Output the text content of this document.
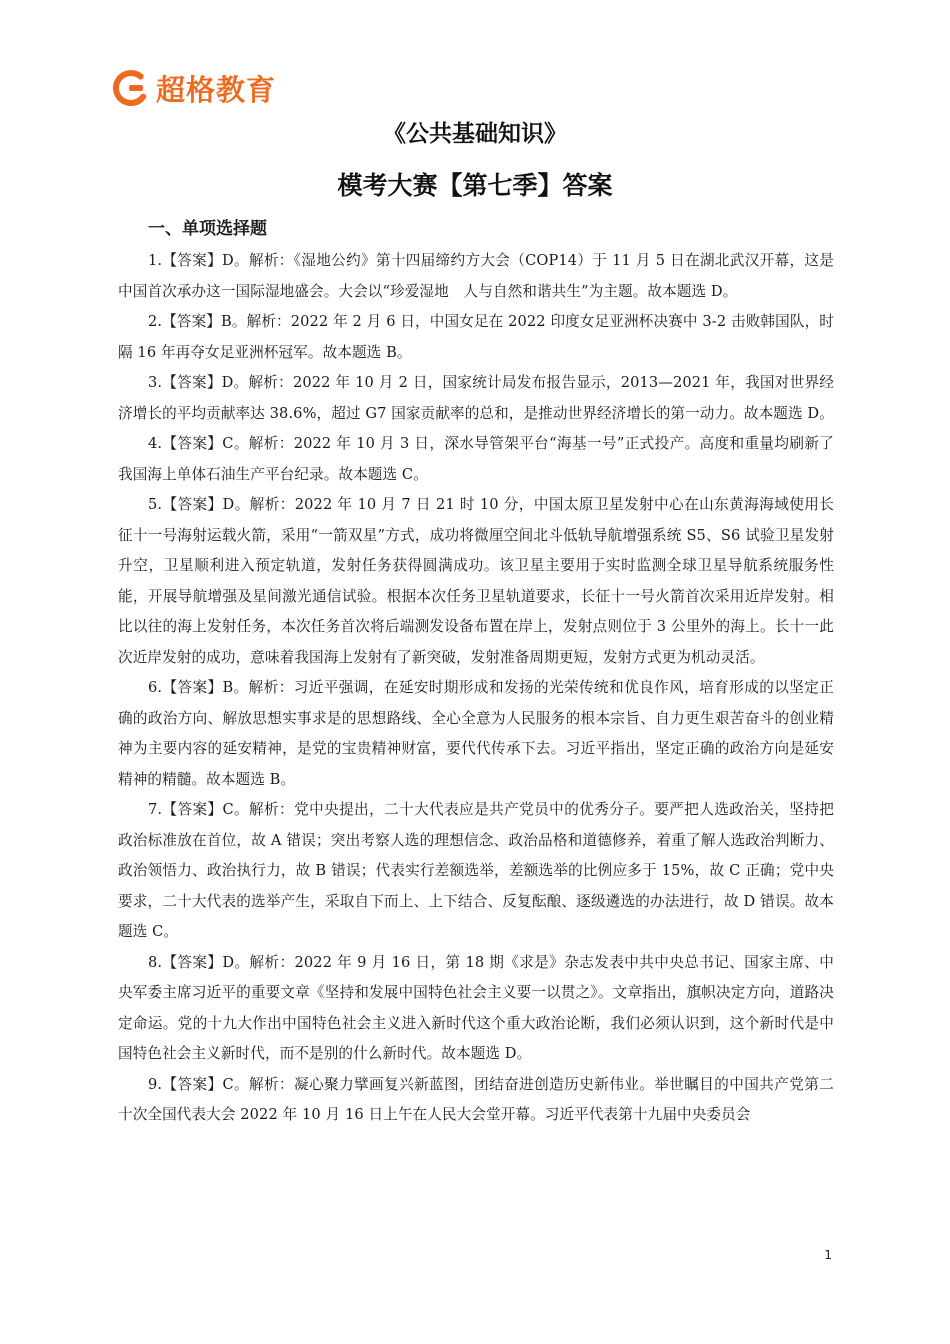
超格教育
《公共基础知识》
模考大赛【第七季】答案
一、单项选择题

1.【答案】D。解析：《湿地公约》第十四届缔约方大会（COP14）于 11 月 5 日在湖北武汉开幕，这是中国首次承办这一国际湿地盛会。大会以“珍爱湿地　人与自然和谐共生”为主题。故本题选 D。

2.【答案】B。解析：2022 年 2 月 6 日，中国女足在 2022 印度女足亚洲杯决赛中 3-2 击败韩国队，时隔 16 年再夺女足亚洲杯冠军。故本题选 B。

3.【答案】D。解析：2022 年 10 月 2 日，国家统计局发布报告显示，2013—2021 年，我国对世界经济增长的平均贡献率达 38.6%，超过 G7 国家贡献率的总和，是推动世界经济增长的第一动力。故本题选 D。

4.【答案】C。解析：2022 年 10 月 3 日，深水导管架平台“海基一号”正式投产。高度和重量均刷新了我国海上单体石油生产平台纪录。故本题选 C。

5.【答案】D。解析：2022 年 10 月 7 日 21 时 10 分，中国太原卫星发射中心在山东黄海海域使用长征十一号海射运载火箭，采用“一箭双星”方式，成功将微厘空间北斗低轨导航增强系统 S5、S6 试验卫星发射升空，卫星顺利进入预定轨道，发射任务获得圆满成功。该卫星主要用于实时监测全球卫星导航系统服务性能，开展导航增强及星间激光通信试验。根据本次任务卫星轨道要求，长征十一号火箭首次采用近岸发射。相比以往的海上发射任务，本次任务首次将后端测发设备布置在岸上，发射点则位于 3 公里外的海上。长十一此次近岸发射的成功，意味着我国海上发射有了新突破，发射准备周期更短，发射方式更为机动灵活。

6.【答案】B。解析：习近平强调，在延安时期形成和发扬的光荣传统和优良作风，培育形成的以坚定正确的政治方向、解放思想实事求是的思想路线、全心全意为人民服务的根本宗旨、自力更生艰苦奋斗的创业精神为主要内容的延安精神，是党的宝贵精神财富，要代代传承下去。习近平指出，坚定正确的政治方向是延安精神的精髓。故本题选 B。

7.【答案】C。解析：党中央提出，二十大代表应是共产党员中的优秀分子。要严把人选政治关，坚持把政治标准放在首位，故 A 错误；突出考察人选的理想信念、政治品格和道德修养，着重了解人选政治判断力、政治领悟力、政治执行力，故 B 错误；代表实行差额选举，差额选举的比例应多于 15%，故 C 正确；党中央要求，二十大代表的选举产生，采取自下而上、上下结合、反复酝酿、逐级遴选的办法进行，故 D 错误。故本题选 C。

8.【答案】D。解析：2022 年 9 月 16 日，第 18 期《求是》杂志发表中共中央总书记、国家主席、中央军委主席习近平的重要文章《坚持和发展中国特色社会主义要一以贯之》。文章指出，旗帜决定方向，道路决定命运。党的十九大作出中国特色社会主义进入新时代这个重大政治论断，我们必须认识到，这个新时代是中国特色社会主义新时代，而不是别的什么新时代。故本题选 D。

9.【答案】C。解析：凝心聚力擘画复兴新蓝图，团结奋进创造历史新伟业。举世瞩目的中国共产党第二十次全国代表大会 2022 年 10 月 16 日上午在人民大会堂开幕。习近平代表第十九届中央委员会

1
